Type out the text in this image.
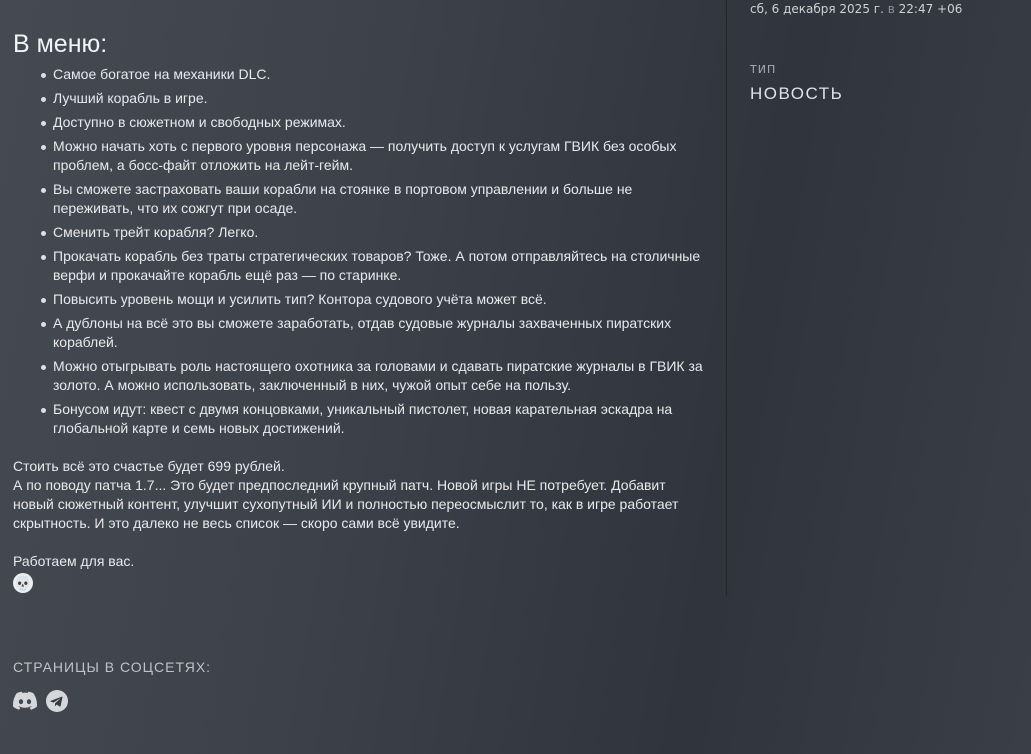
В меню:
Самое богатое на механики DLC.
Лучший корабль в игре.
Доступно в сюжетном и свободных режимах.
Можно начать хоть с первого уровня персонажа — получить доступ к услугам ГВИК без особых проблем, а босс-файт отложить на лейт-гейм.
Вы сможете застраховать ваши корабли на стоянке в портовом управлении и больше не переживать, что их сожгут при осаде.
Сменить трейт корабля? Легко.
Прокачать корабль без траты стратегических товаров? Тоже. А потом отправляйтесь на столичные верфи и прокачайте корабль ещё раз — по старинке.
Повысить уровень мощи и усилить тип? Контора судового учёта может всё.
А дублоны на всё это вы сможете заработать, отдав судовые журналы захваченных пиратских кораблей.
Можно отыгрывать роль настоящего охотника за головами и сдавать пиратские журналы в ГВИК за золото. А можно использовать, заключенный в них, чужой опыт себе на пользу.
Бонусом идут: квест с двумя концовками, уникальный пистолет, новая карательная эскадра на глобальной карте и семь новых достижений.

Стоить всё это счастье будет 699 рублей.

А по поводу патча 1.7... Это будет предпоследний крупный патч. Новой игры НЕ потребует. Добавит новый сюжетный контент, улучшит сухопутный ИИ и полностью переосмыслит то, как в игре работает скрытность. И это далеко не весь список — скоро сами всё увидите.

Работаем для вас.

💀
сб, 6 декабря 2025 г. в 22:47 +06
ТИП
НОВОСТЬ
СТРАНИЦЫ В СОЦСЕТЯХ:
